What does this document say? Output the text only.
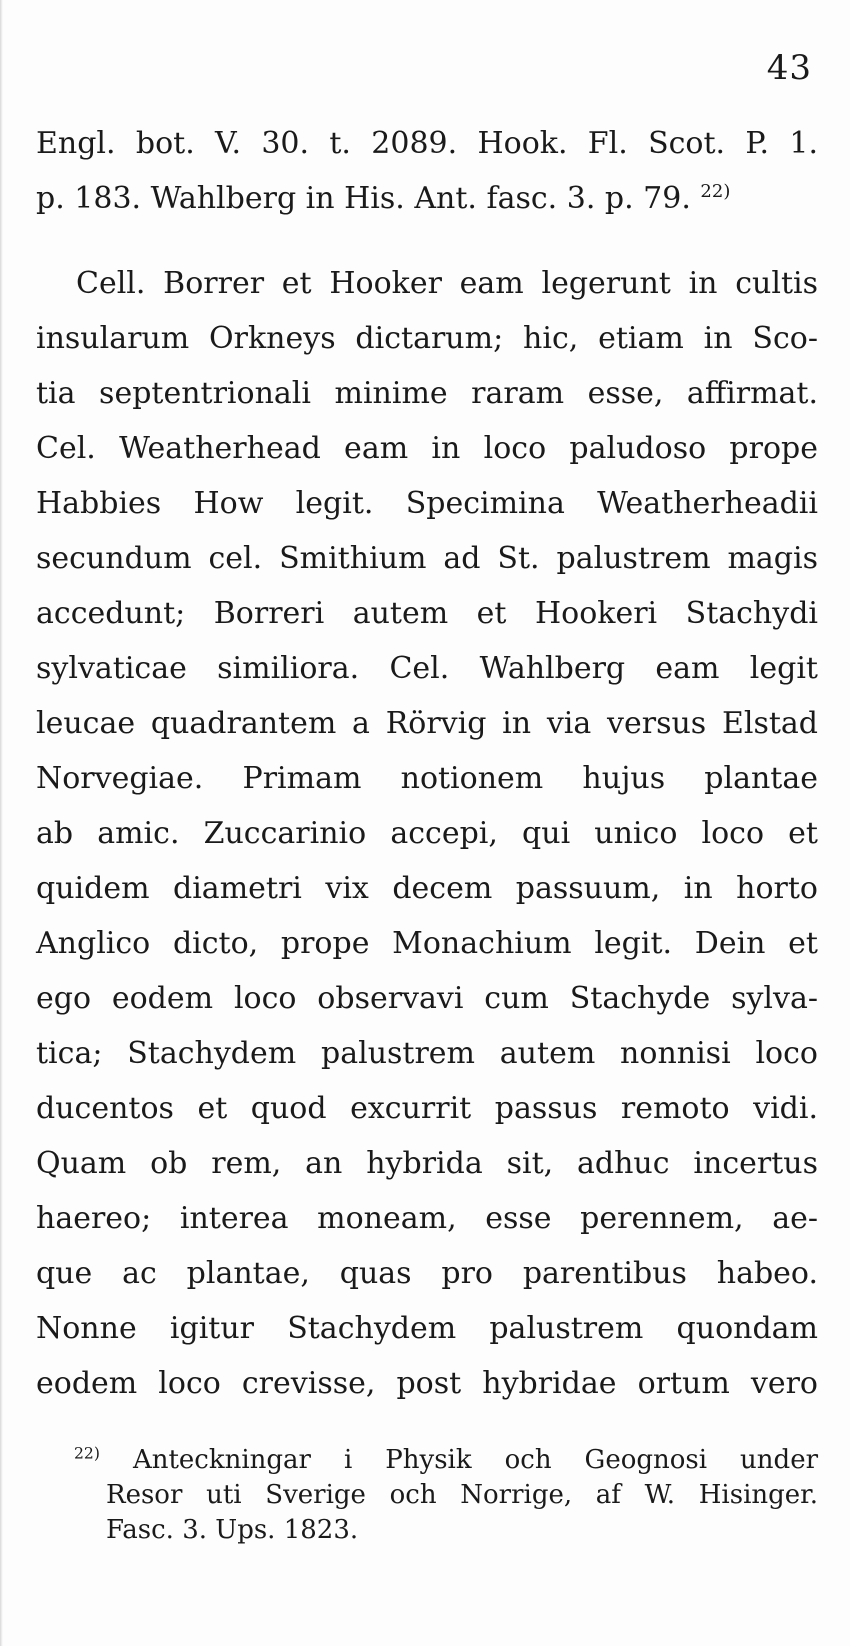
43
Engl. bot. V. 30. t. 2089. Hook. Fl. Scot. P. 1.
p. 183. Wahlberg in His. Ant. fasc. 3. p. 79. $^{22)}$
Cell. Borrer et Hooker eam legerunt in cultis
insularum Orkneys dictarum; hic, etiam in Sco-
tia septentrionali minime raram esse, affirmat.
Cel. Weatherhead eam in loco paludoso prope
Habbies How legit. Specimina Weatherheadii
secundum cel. Smithium ad St. palustrem magis
accedunt; Borreri autem et Hookeri Stachydi
sylvaticae similiora. Cel. Wahlberg eam legit
leucae quadrantem a Rörvig in via versus Elstad
Norvegiae. Primam notionem hujus plantae
ab amic. Zuccarinio accepi, qui unico loco et
quidem diametri vix decem passuum, in horto
Anglico dicto, prope Monachium legit. Dein et
ego eodem loco observavi cum Stachyde sylva-
tica; Stachydem palustrem autem nonnisi loco
ducentos et quod excurrit passus remoto vidi.
Quam ob rem, an hybrida sit, adhuc incertus
haereo; interea moneam, esse perennem, ae-
que ac plantae, quas pro parentibus habeo.
Nonne igitur Stachydem palustrem quondam
eodem loco crevisse, post hybridae ortum vero
$^{22)}$ Anteckningar i Physik och Geognosi under
Resor uti Sverige och Norrige, af W. Hisinger.
Fasc. 3. Ups. 1823.
